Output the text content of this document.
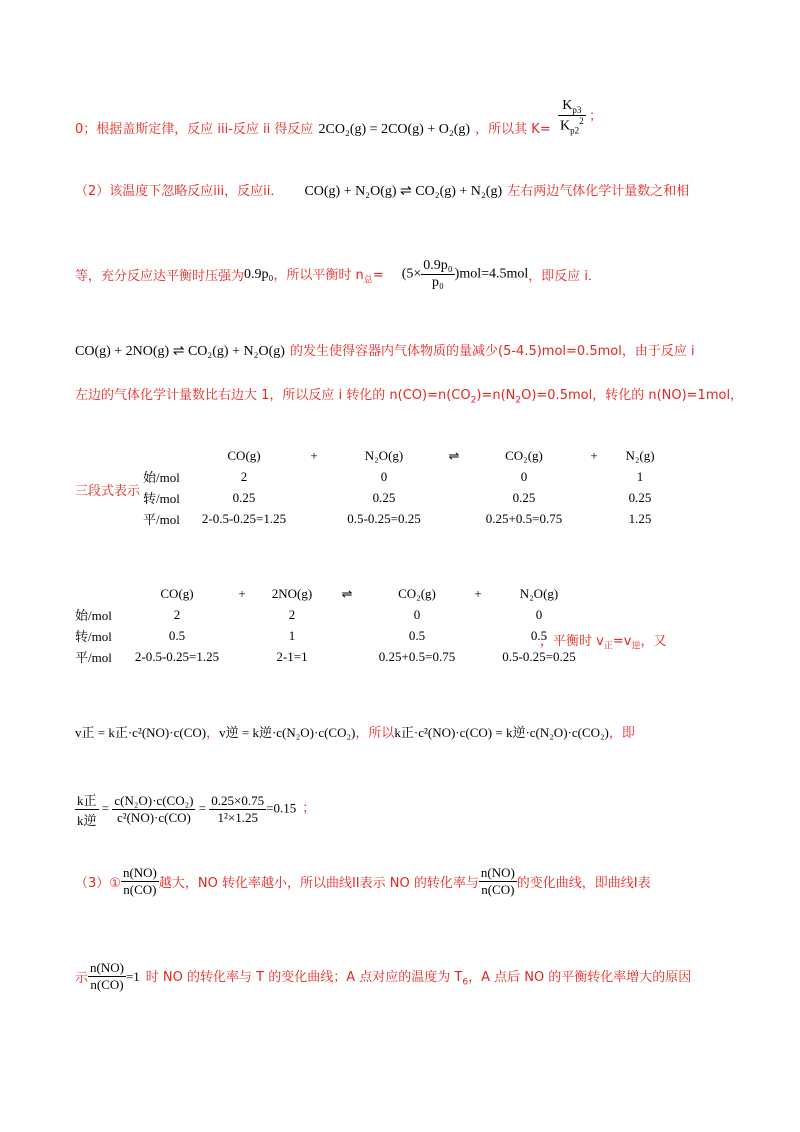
0；根据盖斯定律，反应 iii-反应 ii 得反应 2CO₂(g) = 2CO(g) + O₂(g) ，所以其 $K= \frac{K_{p3}}{K_{p2}^2}$ ；
（2）该温度下忽略反应iii，反应ii． CO(g) + N₂O(g) ⇌ CO₂(g) + N₂(g) 左右两边气体化学计量数之和相
等，充分反应达平衡时压强为 0.9p₀ ，所以平衡时 $n_总= (5\times \frac{\text{0.9p₀}}{\text{p₀}} )mol=4.5mol$ ，即反应 i．
CO(g) + 2NO(g) ⇌ CO₂(g) + N₂O(g) 的发生使得容器内气体物质的量减少(5-4.5)mol=0.5mol，由于反应 i
左边的气体化学计量数比右边大 1，所以反应 i 转化的 $n(CO)=n(CO_2)=n(N_2O)=0.5mol$，转化的 n(NO)=1mol，
三段式表示
	CO(g)	+	N₂O(g)	⇌	CO₂(g)	+	N₂(g)
始/mol	2		0		0		1
转/mol	0.25		0.25		0.25		0.25
平/mol	2-0.5-0.25=1.25		0.5-0.25=0.25		0.25+0.5=0.75		1.25
	CO(g)	+	2NO(g)	⇌	CO₂(g)	+	N₂O(g)
始/mol	2		2		0		0
转/mol	0.5		1		0.5		0.5
平/mol	2-0.5-0.25=1.25		2-1=1		0.25+0.5=0.75		0.5-0.25=0.25
，平衡时 $v_正=v_逆$，又
v正 = k正·c²(NO)·c(CO)，v逆 = k逆·c(N₂O)·c(CO₂)，所以k正·c²(NO)·c(CO) = k逆·c(N₂O)·c(CO₂)，即
$\frac{\text{k正}}{\text{k逆}} = \frac{\text{c(N₂O)·c(CO₂)}}{\text{c²(NO)·c(CO)}} = \frac{0.25\times 0.75}{\text{1²×1.25}} =0.15$ ；
（3）① $\frac{n(NO)}{n(CO)}$ 越大，NO 转化率越小，所以曲线II表示 NO 的转化率与 $\frac{n(NO)}{n(CO)}$ 的变化曲线，即曲线Ⅰ表
示 $\frac{n(NO)}{n(CO)} =1$ 时 NO 的转化率与 T 的变化曲线；A 点对应的温度为 $T_6$，A 点后 NO 的平衡转化率增大的原因
